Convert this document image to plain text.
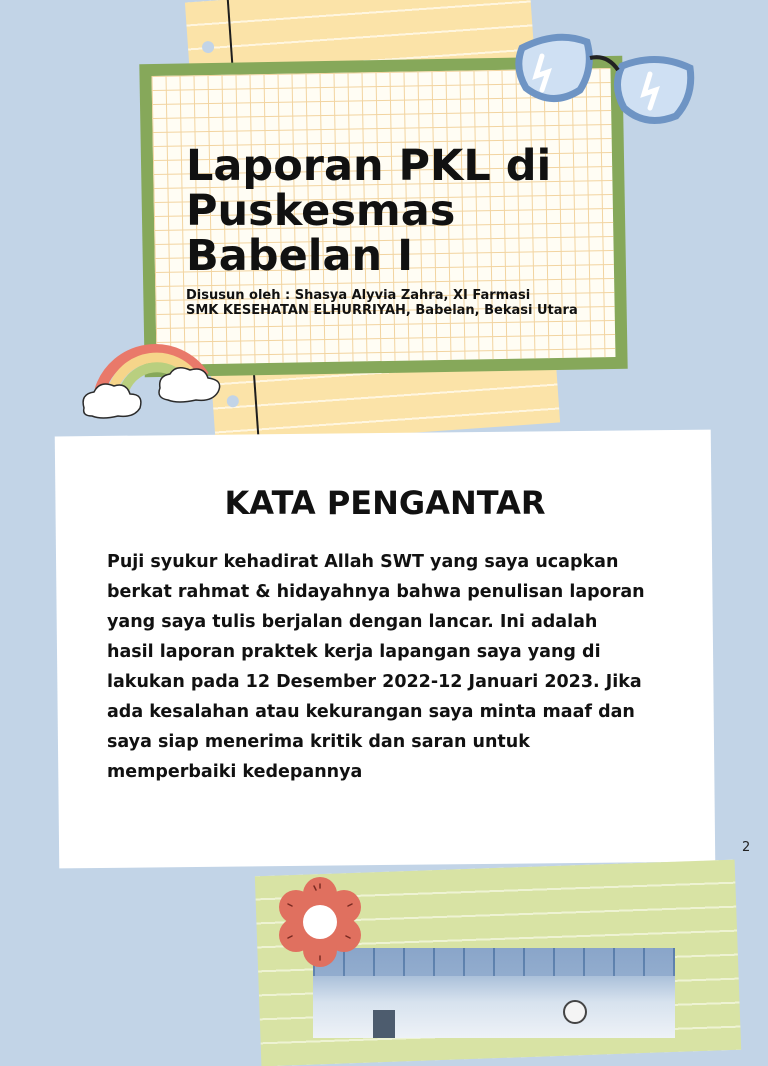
Laporan PKL di Puskesmas Babelan I
Disusun oleh : Shasya Alyvia Zahra, XI Farmasi
SMK KESEHATAN ELHURRIYAH, Babelan, Bekasi Utara
KATA PENGANTAR

Puji syukur kehadirat Allah SWT yang saya ucapkan berkat rahmat & hidayahnya bahwa penulisan laporan yang saya tulis berjalan dengan lancar. Ini adalah hasil laporan praktek kerja lapangan saya yang di lakukan pada 12 Desember 2022-12 Januari 2023. Jika ada kesalahan atau kekurangan saya minta maaf dan saya siap menerima kritik dan saran untuk memperbaiki kedepannya

2
